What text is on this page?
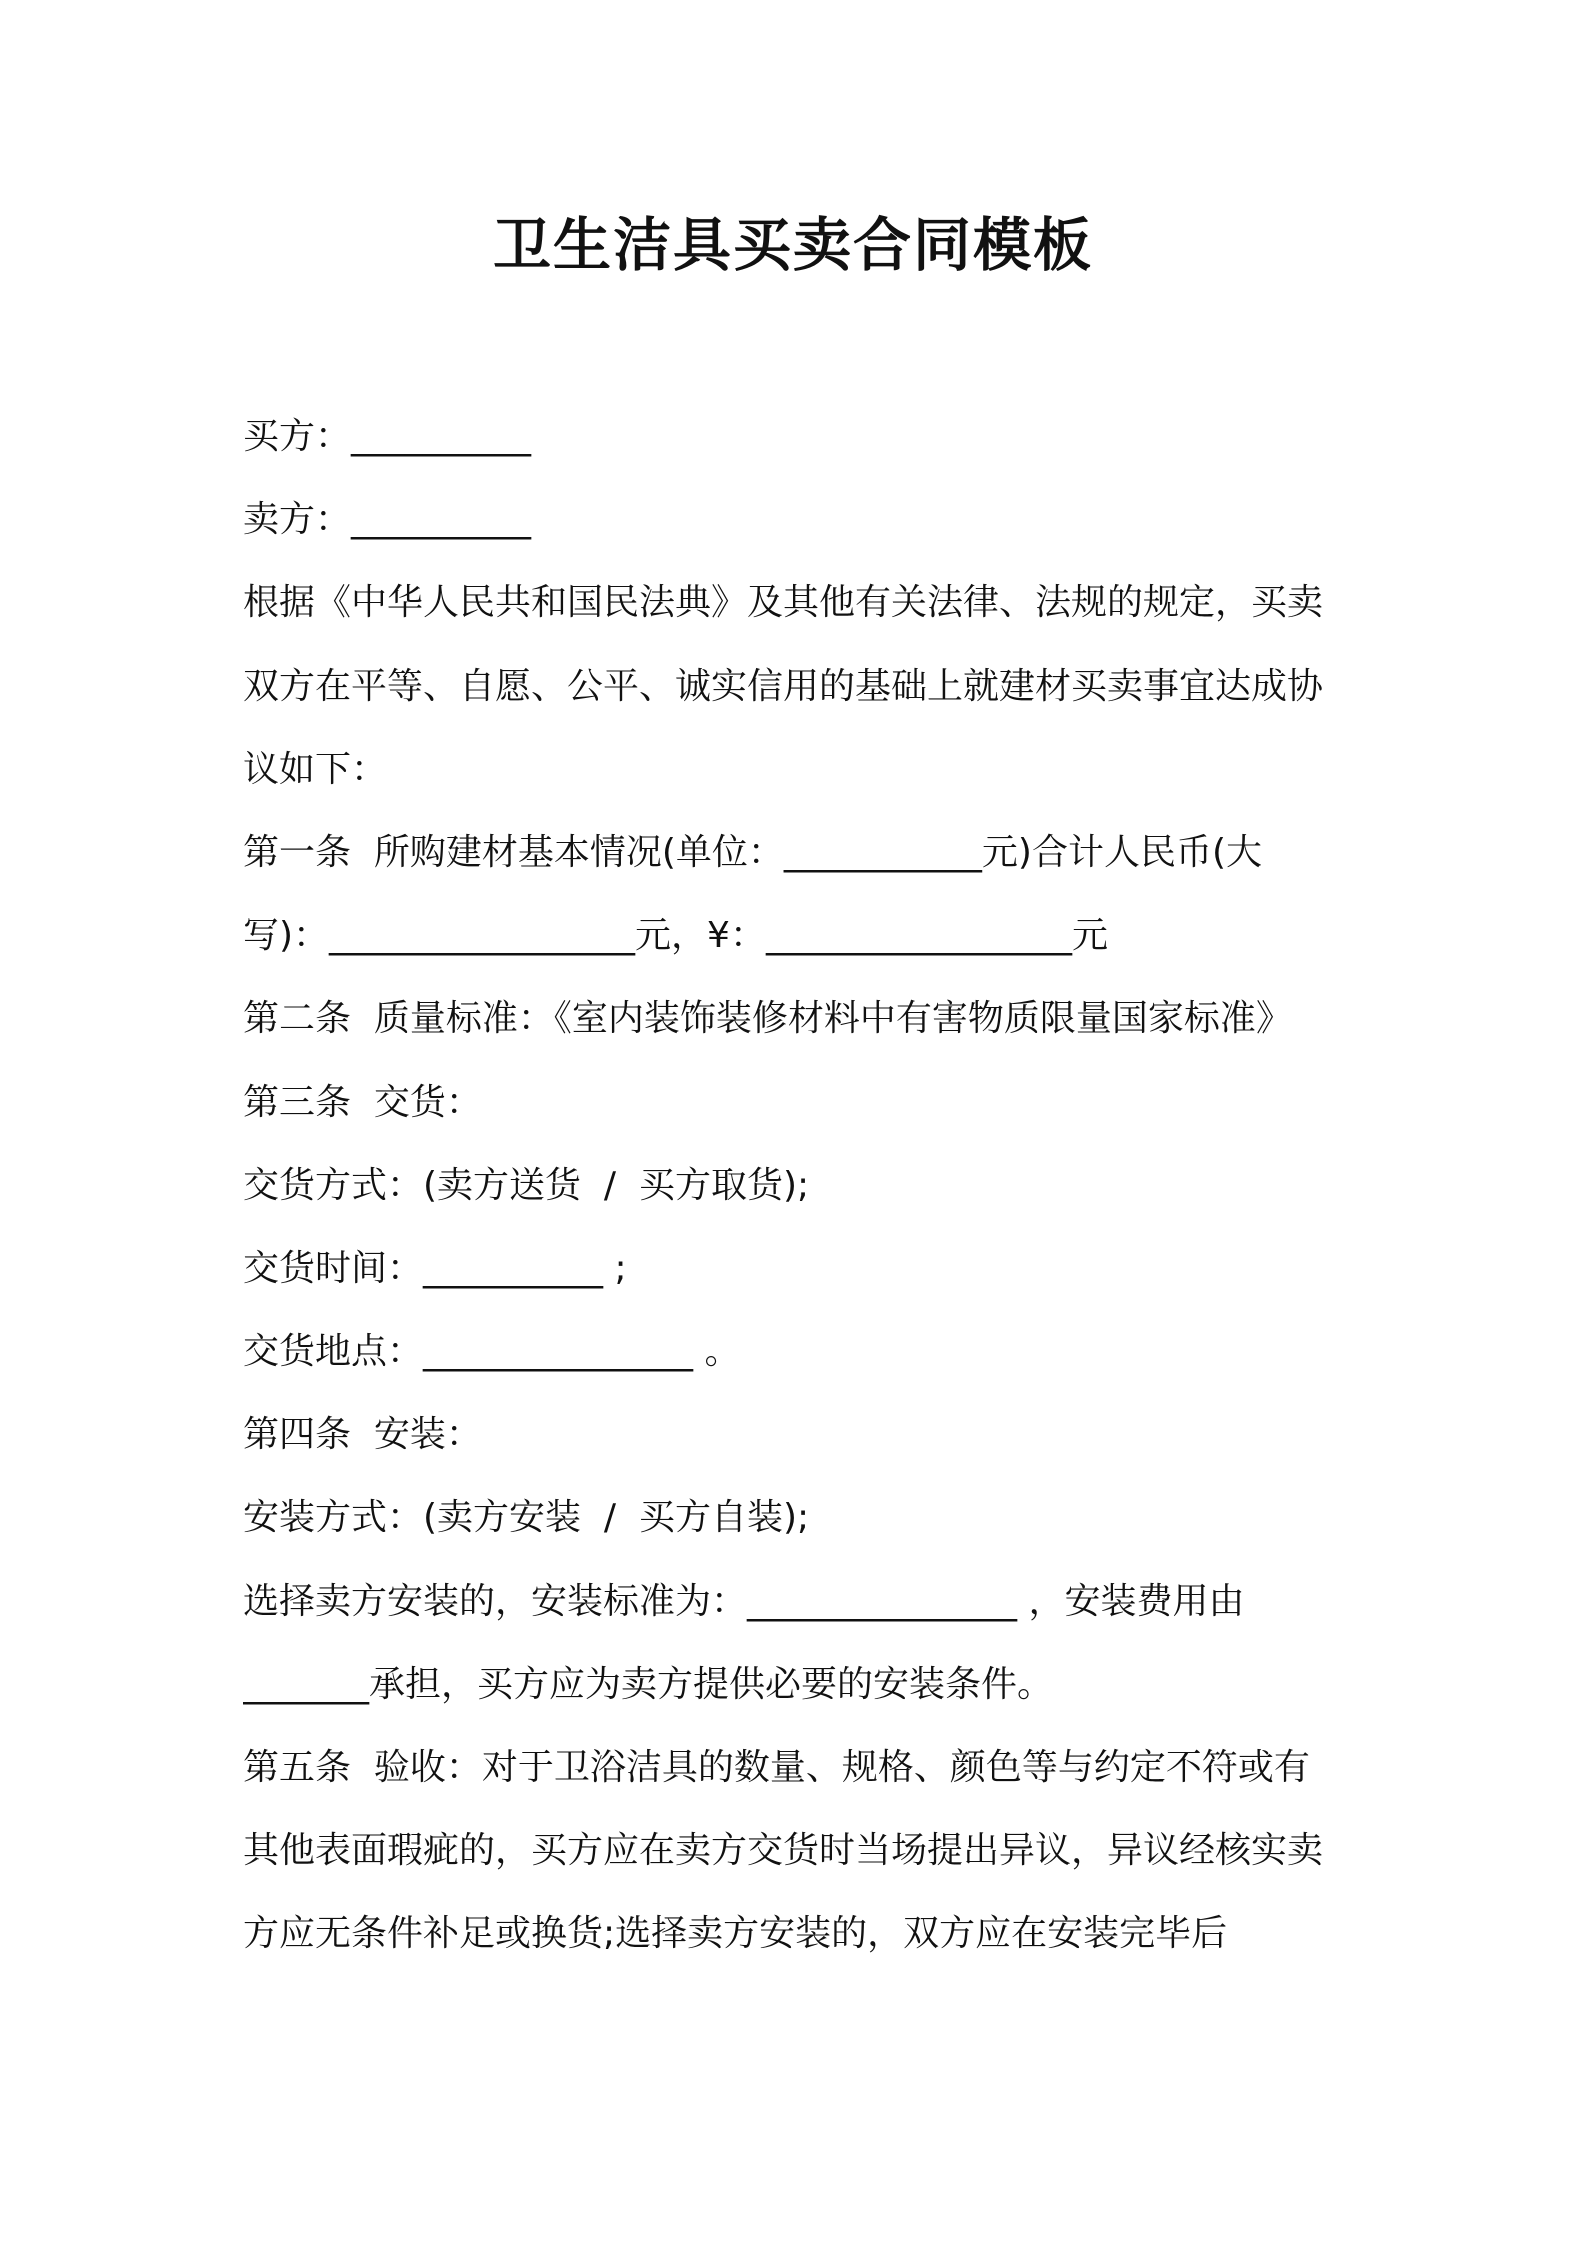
卫生洁具买卖合同模板
买方：__________
卖方：__________
根据《中华人民共和国民法典》及其他有关法律、法规的规定，买卖
双方在平等、自愿、公平、诚实信用的基础上就建材买卖事宜达成协
议如下：
第一条  所购建材基本情况(单位：___________元)合计人民币(大
写)：_________________元，¥：_________________元
第二条  质量标准：《室内装饰装修材料中有害物质限量国家标准》
第三条  交货：
交货方式：(卖方送货  /  买方取货);
交货时间：__________ ;
交货地点：_______________ 。
第四条  安装：
安装方式：(卖方安装  /  买方自装);
选择卖方安装的，安装标准为：_______________ ，安装费用由
_______承担，买方应为卖方提供必要的安装条件。
第五条  验收：对于卫浴洁具的数量、规格、颜色等与约定不符或有
其他表面瑕疵的，买方应在卖方交货时当场提出异议，异议经核实卖
方应无条件补足或换货;选择卖方安装的，双方应在安装完毕后
